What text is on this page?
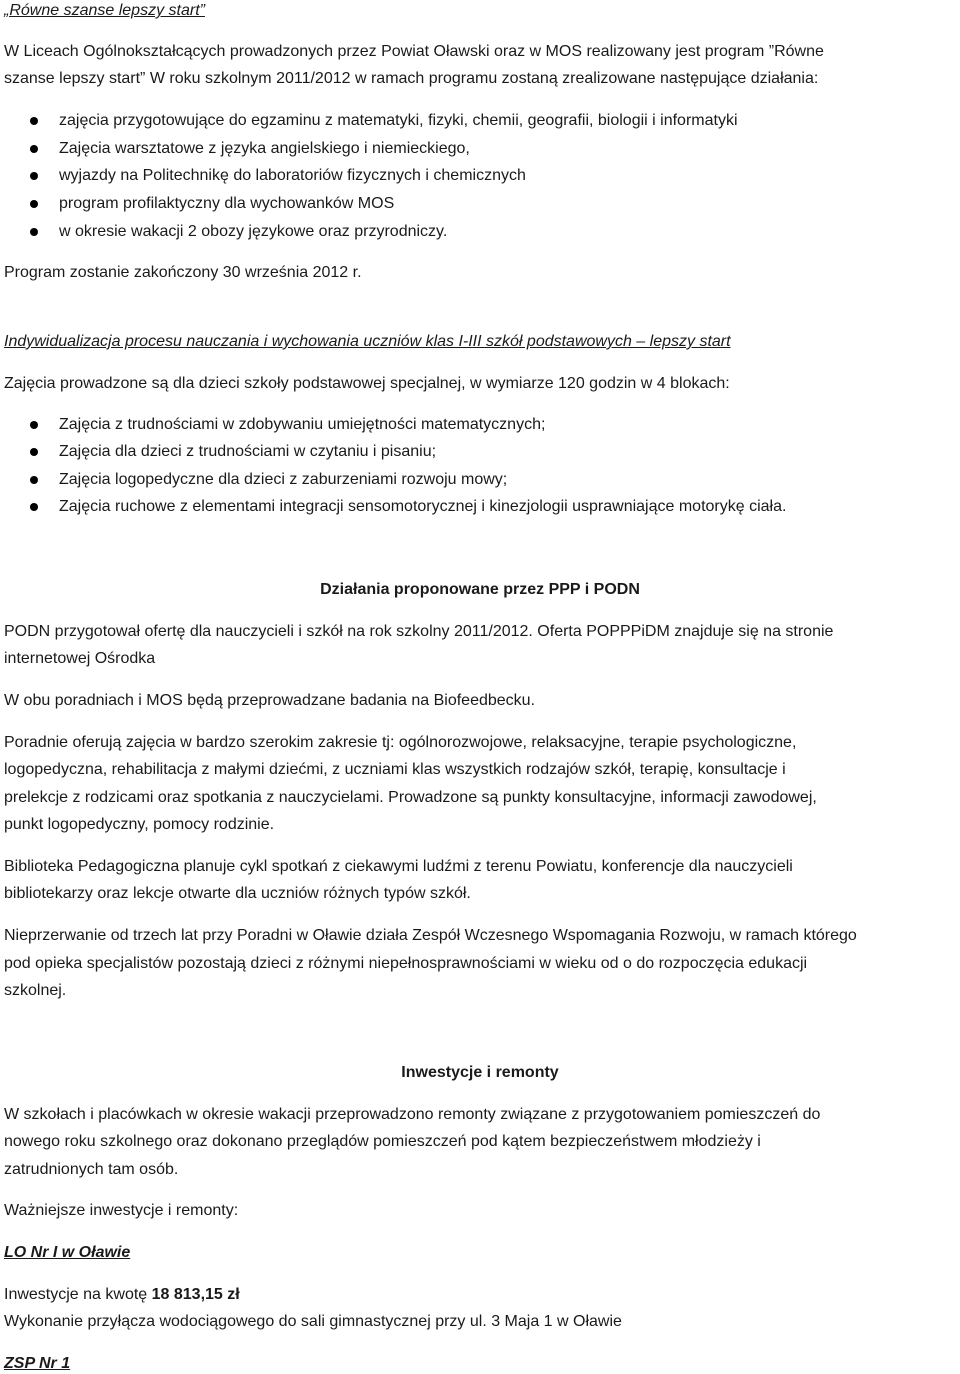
„Równe szanse lepszy start”
W Liceach Ogólnokształcących prowadzonych przez Powiat Oławski oraz w MOS realizowany jest program ”Równe
szanse lepszy start” W roku szkolnym 2011/2012 w ramach programu zostaną zrealizowane następujące działania:
zajęcia przygotowujące do egzaminu z matematyki, fizyki, chemii, geografii, biologii i informatyki
Zajęcia warsztatowe z języka angielskiego i niemieckiego,
wyjazdy na Politechnikę do laboratoriów fizycznych i chemicznych
program profilaktyczny dla wychowanków MOS
w okresie wakacji 2 obozy językowe oraz przyrodniczy.
Program zostanie zakończony 30 września 2012 r.
Indywidualizacja procesu nauczania i wychowania uczniów klas I-III szkół podstawowych – lepszy start
Zajęcia prowadzone są dla dzieci szkoły podstawowej specjalnej, w wymiarze 120 godzin w 4 blokach:
Zajęcia z trudnościami w zdobywaniu umiejętności matematycznych;
Zajęcia dla dzieci z trudnościami w czytaniu i pisaniu;
Zajęcia logopedyczne dla dzieci z zaburzeniami rozwoju mowy;
Zajęcia ruchowe z elementami integracji sensomotorycznej i kinezjologii usprawniające motorykę ciała.
Działania proponowane przez PPP i PODN
PODN przygotował ofertę dla nauczycieli i szkół na rok szkolny 2011/2012. Oferta POPPPiDM znajduje się na stronie
internetowej Ośrodka
W obu poradniach i MOS będą przeprowadzane badania na Biofeedbecku.
Poradnie oferują zajęcia w bardzo szerokim zakresie tj: ogólnorozwojowe, relaksacyjne, terapie psychologiczne,
logopedyczna, rehabilitacja z małymi dziećmi, z uczniami klas wszystkich rodzajów szkół, terapię, konsultacje i
prelekcje z rodzicami oraz spotkania z nauczycielami. Prowadzone są punkty konsultacyjne, informacji zawodowej,
punkt logopedyczny, pomocy rodzinie.
Biblioteka Pedagogiczna planuje cykl spotkań z ciekawymi ludźmi z terenu Powiatu, konferencje dla nauczycieli
bibliotekarzy oraz lekcje otwarte dla uczniów różnych typów szkół.
Nieprzerwanie od trzech lat przy Poradni w Oławie działa Zespół Wczesnego Wspomagania Rozwoju, w ramach którego
pod opieka specjalistów pozostają dzieci z różnymi niepełnosprawnościami w wieku od o do rozpoczęcia edukacji
szkolnej.
Inwestycje i remonty
W szkołach i placówkach w okresie wakacji przeprowadzono remonty związane z przygotowaniem pomieszczeń do
nowego roku szkolnego oraz dokonano przeglądów pomieszczeń pod kątem bezpieczeństwem młodzieży i
zatrudnionych tam osób.
Ważniejsze inwestycje i remonty:
LO Nr I w Oławie
Inwestycje na kwotę 18 813,15 zł
Wykonanie przyłącza wodociągowego do sali gimnastycznej przy ul. 3 Maja 1 w Oławie
ZSP Nr 1
